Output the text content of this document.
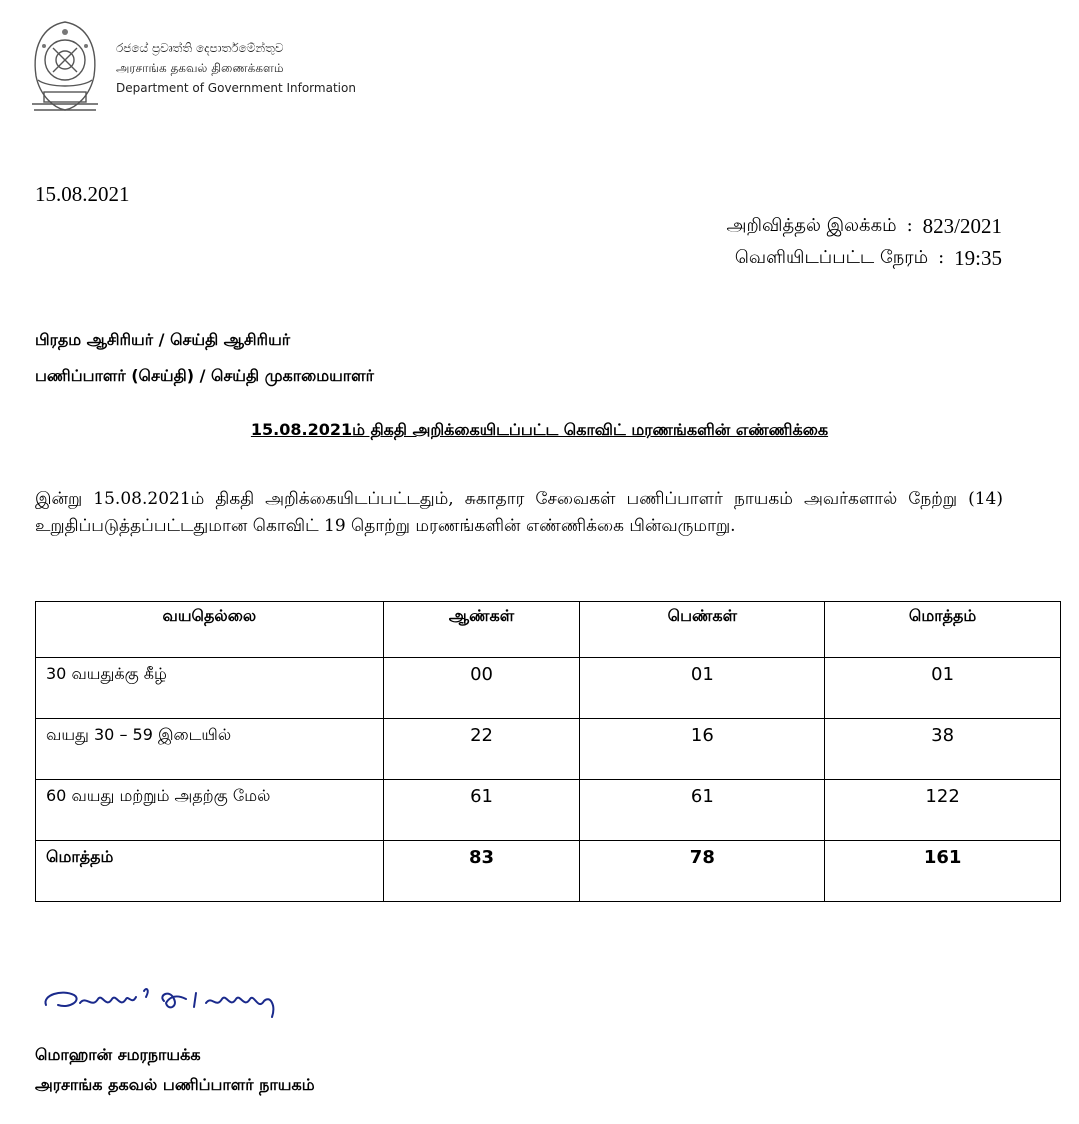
රජයේ ප්‍රවෘත්ති දෙපාර්තමේන්තුව
அரசாங்க தகவல் திணைக்களம்
Department of Government Information
15.08.2021
அறிவித்தல் இலக்கம் : 823/2021
வெளியிடப்பட்ட நேரம் : 19:35
பிரதம ஆசிரியர் / செய்தி ஆசிரியர்
பணிப்பாளர் (செய்தி) / செய்தி முகாமையாளர்
15.08.2021ம் திகதி அறிக்கையிடப்பட்ட கொவிட் மரணங்களின் எண்ணிக்கை
இன்று 15.08.2021ம் திகதி அறிக்கையிடப்பட்டதும், சுகாதார சேவைகள் பணிப்பாளர் நாயகம் அவர்களால் நேற்று (14) உறுதிப்படுத்தப்பட்டதுமான கொவிட் 19 தொற்று மரணங்களின் எண்ணிக்கை பின்வருமாறு.
வயதெல்லை	ஆண்கள்	பெண்கள்	மொத்தம்
30 வயதுக்கு கீழ்	00	01	01
வயது 30 – 59 இடையில்	22	16	38
60 வயது மற்றும் அதற்கு மேல்	61	61	122
மொத்தம்	83	78	161
மொஹான் சமரநாயக்க
அரசாங்க தகவல் பணிப்பாளர் நாயகம்
